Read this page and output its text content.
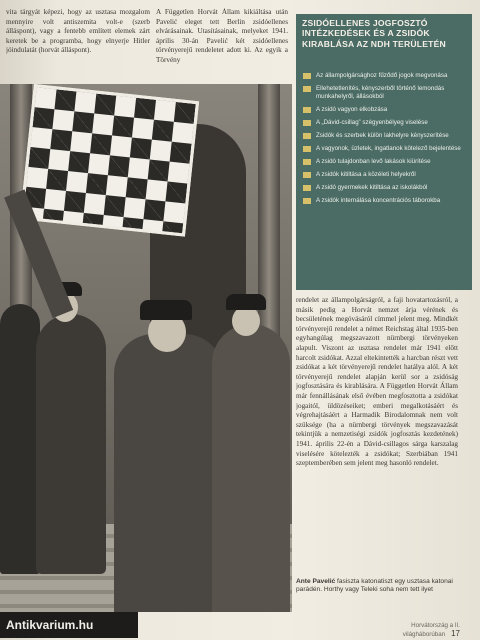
vita tárgyát képezi, hogy az usztasa mozgalom mennyire volt antiszemita volt-e (szerb álláspont), vagy a fentebb említett elemek zárt keretek be a programba, hogy elnyerje Hitler jóindulatát (horvát álláspont).
A Független Horvát Állam kikiáltása után Pavelić eleget tett Berlin zsidóellenes elvárásainak. Utasításainak, melyeket 1941. április 30-án Pavelić két zsidóellenes törvényerejű rendeletet adott ki. Az egyik a Törvény
ZSIDÓELLENES JOGFOSZTÓ INTÉZKEDÉSEK ÉS A ZSIDÓK KIRABLÁSA AZ NDH TERÜLETÉN
Az állampolgársághoz fűződő jogok megvonása
Ellehetetlenítés, kényszerből történő lemondás munkahelyről, állásokból
A zsidó vagyon elkobzása
A „Dávid-csillag” szégyenbélyeg viselése
Zsidók és szerbek külön lakhelyre kényszerítése
A vagyonok, üzletek, ingatlanok kötelező bejelentése
A zsidó tulajdonban levő lakások kiürítése
A zsidók kitiltása a közéleti helyekről
A zsidó gyermekek kitiltása az iskolákból
A zsidók internálása koncentrációs táborokba
rendelet az állampolgárságról, a faji hovatartozásról, a másik pedig a Horvát nemzet árja vérének és becsületének megóvásáról címmel jelent meg. Mindkét törvényerejű rendelet a német Reichstag által 1935-ben egyhangúlag megszavazott nürnbergi törvényeken alapult. Viszont az usztasa rendelet már 1941 előtt harcolt zsidókat. Azzal eltekintették a harcban részt vett zsidókat a két törvényerejű rendelet hatálya alól. A két törvényerejű rendelet alapján kerül sor a zsidóság jogfosztására és kirablására. A Független Horvát Állam már fennállásának első évében megfosztotta a zsidókat jogaitól, üldözéseiket; emberi megalkotásáért és végrehajtásáért a Harmadik Birodalomnak nem volt szüksége (ha a nürnbergi törvények megszavazását tekintjük a nemzetiségi zsidók jogfosztás kezdetének) 1941. április 22-én a Dávid-csillagos sárga karszalag viselésére kötelezték a zsidókat; Szerbiában 1941 szeptemberében sem jelent meg hasonló rendelet.
Ante Pavelić fasiszta katonatiszt egy usztasa katonai parádén. Horthy vagy Teleki soha nem tett ilyet
Horvátország a II. világháborúban 17
Antikvarium.hu
